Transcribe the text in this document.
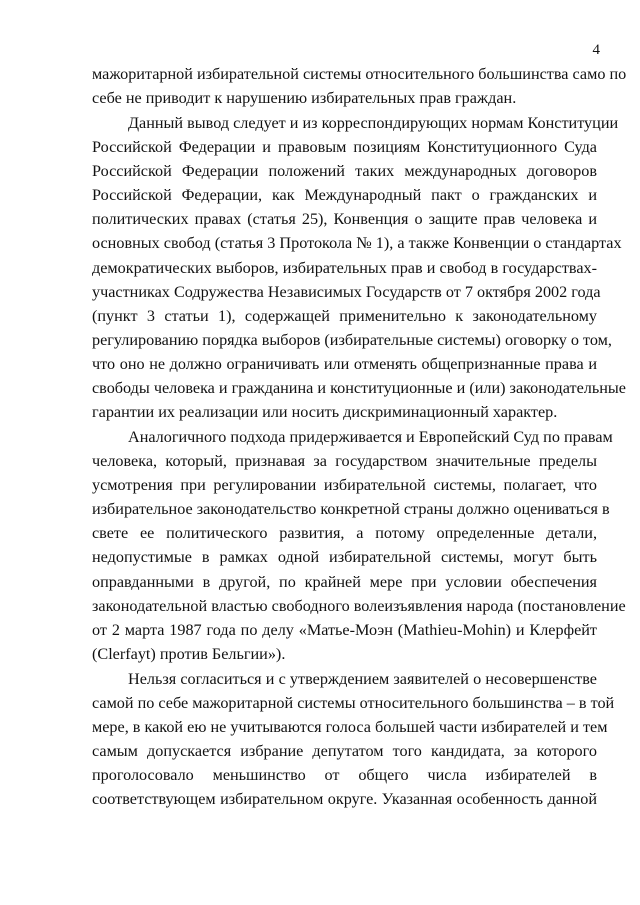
4
мажоритарной избирательной системы относительного большинства само по
себе не приводит к нарушению избирательных прав граждан.
Данный вывод следует и из корреспондирующих нормам Конституции
Российской Федерации и правовым позициям Конституционного Суда
Российской Федерации положений таких международных договоров
Российской Федерации, как Международный пакт о гражданских и
политических правах (статья 25), Конвенция о защите прав человека и
основных свобод (статья 3 Протокола № 1), а также Конвенции о стандартах
демократических выборов, избирательных прав и свобод в государствах-
участниках Содружества Независимых Государств от 7 октября 2002 года
(пункт 3 статьи 1), содержащей применительно к законодательному
регулированию порядка выборов (избирательные системы) оговорку о том,
что оно не должно ограничивать или отменять общепризнанные права и
свободы человека и гражданина и конституционные и (или) законодательные
гарантии их реализации или носить дискриминационный характер.
Аналогичного подхода придерживается и Европейский Суд по правам
человека, который, признавая за государством значительные пределы
усмотрения при регулировании избирательной системы, полагает, что
избирательное законодательство конкретной страны должно оцениваться в
свете ее политического развития, а потому определенные детали,
недопустимые в рамках одной избирательной системы, могут быть
оправданными в другой, по крайней мере при условии обеспечения
законодательной властью свободного волеизъявления народа (постановление
от 2 марта 1987 года по делу «Матье-Моэн (Mathieu-Mohin) и Клерфейт
(Clerfayt) против Бельгии»).
Нельзя согласиться и с утверждением заявителей о несовершенстве
самой по себе мажоритарной системы относительного большинства – в той
мере, в какой ею не учитываются голоса большей части избирателей и тем
самым допускается избрание депутатом того кандидата, за которого
проголосовало меньшинство от общего числа избирателей в
соответствующем избирательном округе. Указанная особенность данной
